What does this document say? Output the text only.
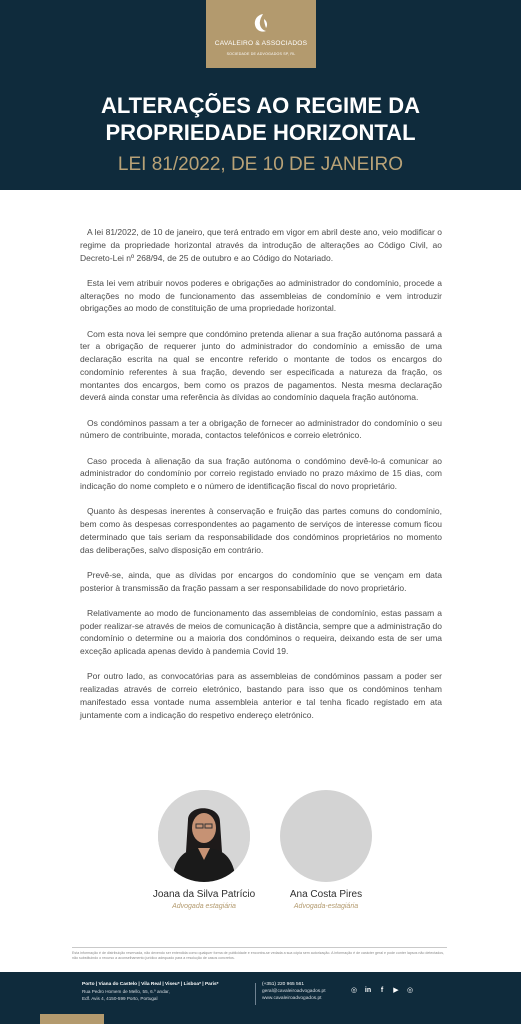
CAVALEIRO & ASSOCIADOS
SOCIEDADE DE ADVOGADOS SP, RL
ALTERAÇÕES AO REGIME DA
PROPRIEDADE HORIZONTAL
LEI 81/2022, DE 10 DE JANEIRO

A lei 81/2022, de 10 de janeiro, que terá entrado em vigor em abril deste ano, veio modificar o regime da propriedade horizontal através da introdução de alterações ao Código Civil, ao Decreto-Lei nº 268/94, de 25 de outubro e ao Código do Notariado.

Esta lei vem atribuir novos poderes e obrigações ao administrador do condomínio, procede a alterações no modo de funcionamento das assembleias de condomínio e vem introduzir obrigações ao modo de constituição de uma propriedade horizontal.

Com esta nova lei sempre que condómino pretenda alienar a sua fração autónoma passará a ter a obrigação de requerer junto do administrador do condomínio a emissão de uma declaração escrita na qual se encontre referido o montante de todos os encargos do condomínio referentes à sua fração, devendo ser especificada a natureza da fração, os montantes dos encargos, bem como os prazos de pagamentos. Nesta mesma declaração deverá ainda constar uma referência às dívidas ao condomínio daquela fração autónoma.

Os condóminos passam a ter a obrigação de fornecer ao administrador do condomínio o seu número de contribuinte, morada, contactos telefónicos e correio eletrónico.

Caso proceda à alienação da sua fração autónoma o condómino devê-lo-á comunicar ao administrador do condomínio por correio registado enviado no prazo máximo de 15 dias, com indicação do nome completo e o número de identificação fiscal do novo proprietário.

Quanto às despesas inerentes à conservação e fruição das partes comuns do condomínio, bem como às despesas correspondentes ao pagamento de serviços de interesse comum ficou determinado que tais seriam da responsabilidade dos condóminos proprietários no momento das deliberações, salvo disposição em contrário.

Prevê-se, ainda, que as dívidas por encargos do condomínio que se vençam em data posterior à transmissão da fração passam a ser responsabilidade do novo proprietário.

Relativamente ao modo de funcionamento das assembleias de condomínio, estas passam a poder realizar-se através de meios de comunicação à distância, sempre que a administração do condomínio o determine ou a maioria dos condóminos o requeira, deixando esta de ser uma exceção aplicada apenas devido à pandemia Covid 19.

Por outro lado, as convocatórias para as assembleias de condóminos passam a poder ser realizadas através de correio eletrónico, bastando para isso que os condóminos tenham manifestado essa vontade numa assembleia anterior e tal tenha ficado registado em ata juntamente com a indicação do respetivo endereço eletrónico.

Joana da Silva Patrício
Advogada estagiária
Ana Costa Pires
Advogada-estagiária
Esta informação é de distribuição reservada, não devendo ser entendida como qualquer forma de publicidade e encontra-se vedada a sua cópia sem autorização. A informação é de carácter geral e pode conter lapsos não detectados, não substituindo o recurso a aconselhamento jurídico adequado para a resolução de casos concretos.
Porto | Viana do Castelo | Vila Real | Viseu* | Lisboa* | Paris*
Rua Pedro Homem de Mello, 55, 6.º andar,
Edf. Avis 4, 4150-599 Porto, Portugal
(+351) 220 965 561
geral@cavaleiroadvogados.pt
www.cavaleiroadvogados.pt
◎ in	f	▶ ◎
